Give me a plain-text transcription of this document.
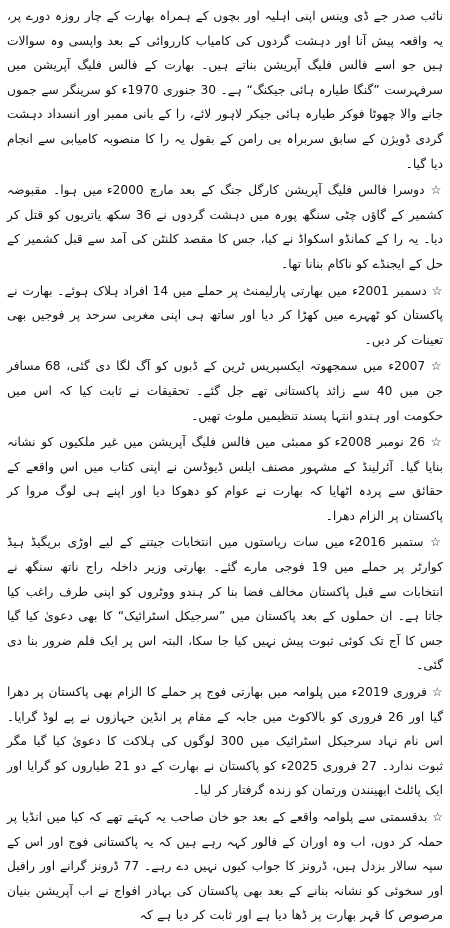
نائب صدر جے ڈی وینس اپنی اہلیہ اور بچوں کے ہمراہ بھارت کے چار روزہ دورے پر، یہ واقعہ پیش آنا اور دہشت گردوں کی کامیاب کارروائی کے بعد واپسی وہ سوالات ہیں جو اسے فالس فلیگ آپریشن بناتے ہیں۔ بھارت کے فالس فلیگ آپریشن میں سرفہرست ”گنگا طیارہ ہائی جیکنگ“ ہے۔ 30 جنوری 1970ء کو سرینگر سے جموں جانے والا چھوٹا فوکر طیارہ ہائی جیکر لاہور لائے، را کے بانی ممبر اور انسداد دہشت گردی ڈویژن کے سابق سربراہ بی رامن کے بقول یہ را کا منصوبہ کامیابی سے انجام دیا گیا۔

☆ دوسرا فالس فلیگ آپریشن کارگل جنگ کے بعد مارچ 2000ء میں ہوا۔ مقبوضہ کشمیر کے گاؤں چٹی سنگھ پورہ میں دہشت گردوں نے 36 سکھ یاتریوں کو قتل کر دیا۔ یہ را کے کمانڈو اسکواڈ نے کیا، جس کا مقصد کلنٹن کی آمد سے قبل کشمیر کے حل کے ایجنڈے کو ناکام بنانا تھا۔

☆ دسمبر 2001ء میں بھارتی پارلیمنٹ پر حملے میں 14 افراد ہلاک ہوئے۔ بھارت نے پاکستان کو ٹھہرے میں کھڑا کر دیا اور ساتھ ہی اپنی مغربی سرحد پر فوجیں بھی تعینات کر دیں۔

☆ 2007ء میں سمجھوتہ ایکسپریس ٹرین کے ڈبوں کو آگ لگا دی گئی، 68 مسافر جن میں 40 سے زائد پاکستانی تھے جل گئے۔ تحقیقات نے ثابت کیا کہ اس میں حکومت اور ہندو انتہا پسند تنظیمیں ملوث تھیں۔

☆ 26 نومبر 2008ء کو ممبئی میں فالس فلیگ آپریشن میں غیر ملکیوں کو نشانہ بنایا گیا۔ آئرلینڈ کے مشہور مصنف ایلس ڈیوڈسن نے اپنی کتاب میں اس واقعے کے حقائق سے پردہ اٹھایا کہ بھارت نے عوام کو دھوکا دیا اور اپنے ہی لوگ مروا کر پاکستان پر الزام دھرا۔

☆ ستمبر 2016ء میں سات ریاستوں میں انتخابات جیتنے کے لیے اوڑی بریگیڈ ہیڈ کوارٹر پر حملے میں 19 فوجی مارے گئے۔ بھارتی وزیر داخلہ راج ناتھ سنگھ نے انتخابات سے قبل پاکستان مخالف فضا بنا کر ہندو ووٹروں کو اپنی طرف راغب کیا جاتا ہے۔ ان حملوں کے بعد پاکستان میں ”سرجیکل اسٹرائیک“ کا بھی دعویٰ کیا گیا جس کا آج تک کوئی ثبوت پیش نہیں کیا جا سکا، البتہ اس پر ایک فلم ضرور بنا دی گئی۔

☆ فروری 2019ء میں پلوامہ میں بھارتی فوج پر حملے کا الزام بھی پاکستان پر دھرا گیا اور 26 فروری کو بالاکوٹ میں جابہ کے مقام پر انڈین جہازوں نے پے لوڈ گرایا۔ اس نام نہاد سرجیکل اسٹرائیک میں 300 لوگوں کی ہلاکت کا دعویٰ کیا گیا مگر ثبوت ندارد۔ 27 فروری 2025ء کو پاکستان نے بھارت کے دو 21 طیاروں کو گرایا اور ایک پائلٹ ابھینندن ورتمان کو زندہ گرفتار کر لیا۔

☆ بدقسمتی سے پلوامہ واقعے کے بعد جو خان صاحب یہ کہتے تھے کہ کیا میں انڈیا پر حملہ کر دوں، اب وہ اوران کے فالور کہہ رہے ہیں کہ یہ پاکستانی فوج اور اس کے سپہ سالار بزدل ہیں، ڈرونز کا جواب کیوں نہیں دے رہے۔ 77 ڈرونز گرانے اور رافیل اور سخوئی کو نشانہ بنانے کے بعد بھی پاکستان کی بہادر افواج نے اب آپریشن بنیان مرصوص کا قہر بھارت پر ڈھا دیا ہے اور ثابت کر دیا ہے کہ
